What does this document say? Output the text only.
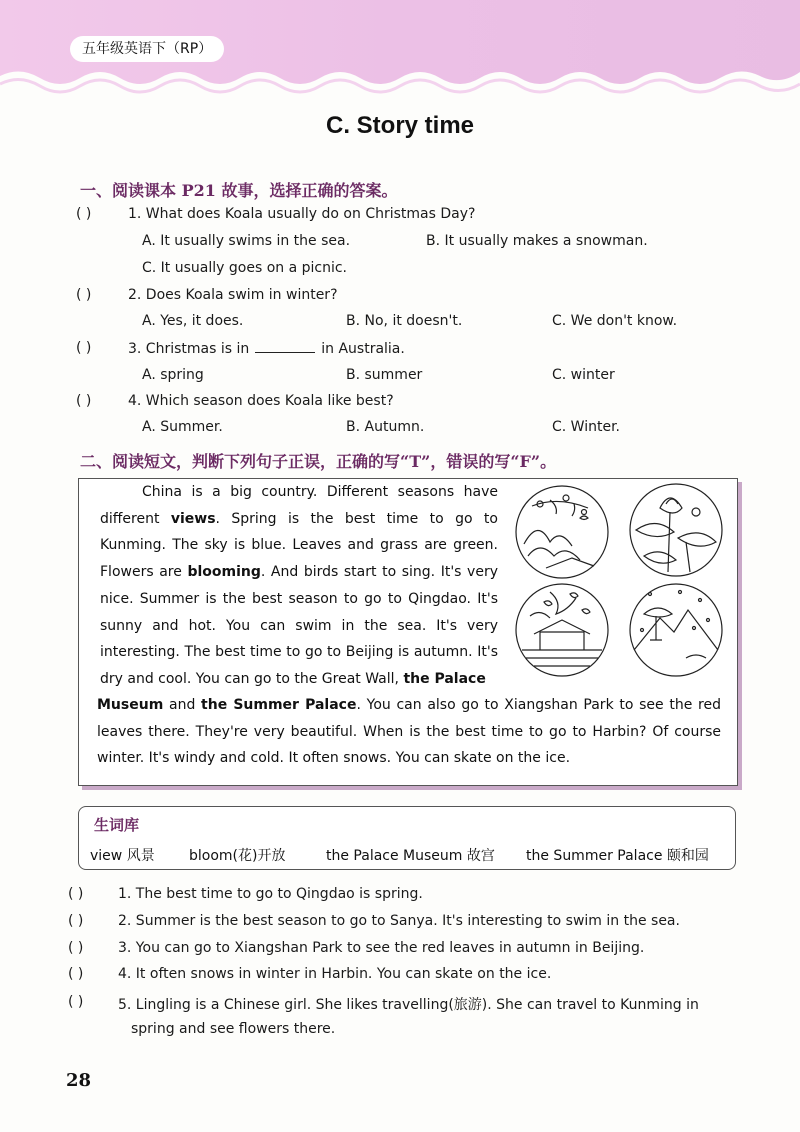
五年级英语下（RP）
C. Story time
一、阅读课本 P21 故事，选择正确的答案。
( )	1. What does Koala usually do on Christmas Day?
A. It usually swims in the sea.	B. It usually makes a snowman.
C. It usually goes on a picnic.
( )	2. Does Koala swim in winter?
A. Yes, it does.	B. No, it doesn't.	C. We don't know.
( )	3. Christmas is in	in Australia.
A. spring	B. summer	C. winter
( )	4. Which season does Koala like best?
A. Summer.	B. Autumn.	C. Winter.
二、阅读短文，判断下列句子正误，正确的写“T”，错误的写“F”。
China is a big country. Different seasons have different views. Spring is the best time to go to Kunming. The sky is blue. Leaves and grass are green. Flowers are blooming. And birds start to sing. It's very nice. Summer is the best season to go to Qingdao. It's sunny and hot. You can swim in the sea. It's very interesting. The best time to go to Beijing is autumn. It's dry and cool. You can go to the Great Wall, the Palace
Museum and the Summer Palace. You can also go to Xiangshan Park to see the red leaves there. They're very beautiful. When is the best time to go to Harbin? Of course winter. It's windy and cold. It often snows. You can skate on the ice.
生词库
view 风景 bloom(花)开放	the Palace Museum 故宫 the Summer Palace 颐和园
( ) 1. The best time to go to Qingdao is spring.
( ) 2. Summer is the best season to go to Sanya. It's interesting to swim in the sea.
( ) 3. You can go to Xiangshan Park to see the red leaves in autumn in Beijing.
( ) 4. It often snows in winter in Harbin. You can skate on the ice.
( ) 5. Lingling is a Chinese girl. She likes travelling(旅游). She can travel to Kunming in
spring and see flowers there.
28
